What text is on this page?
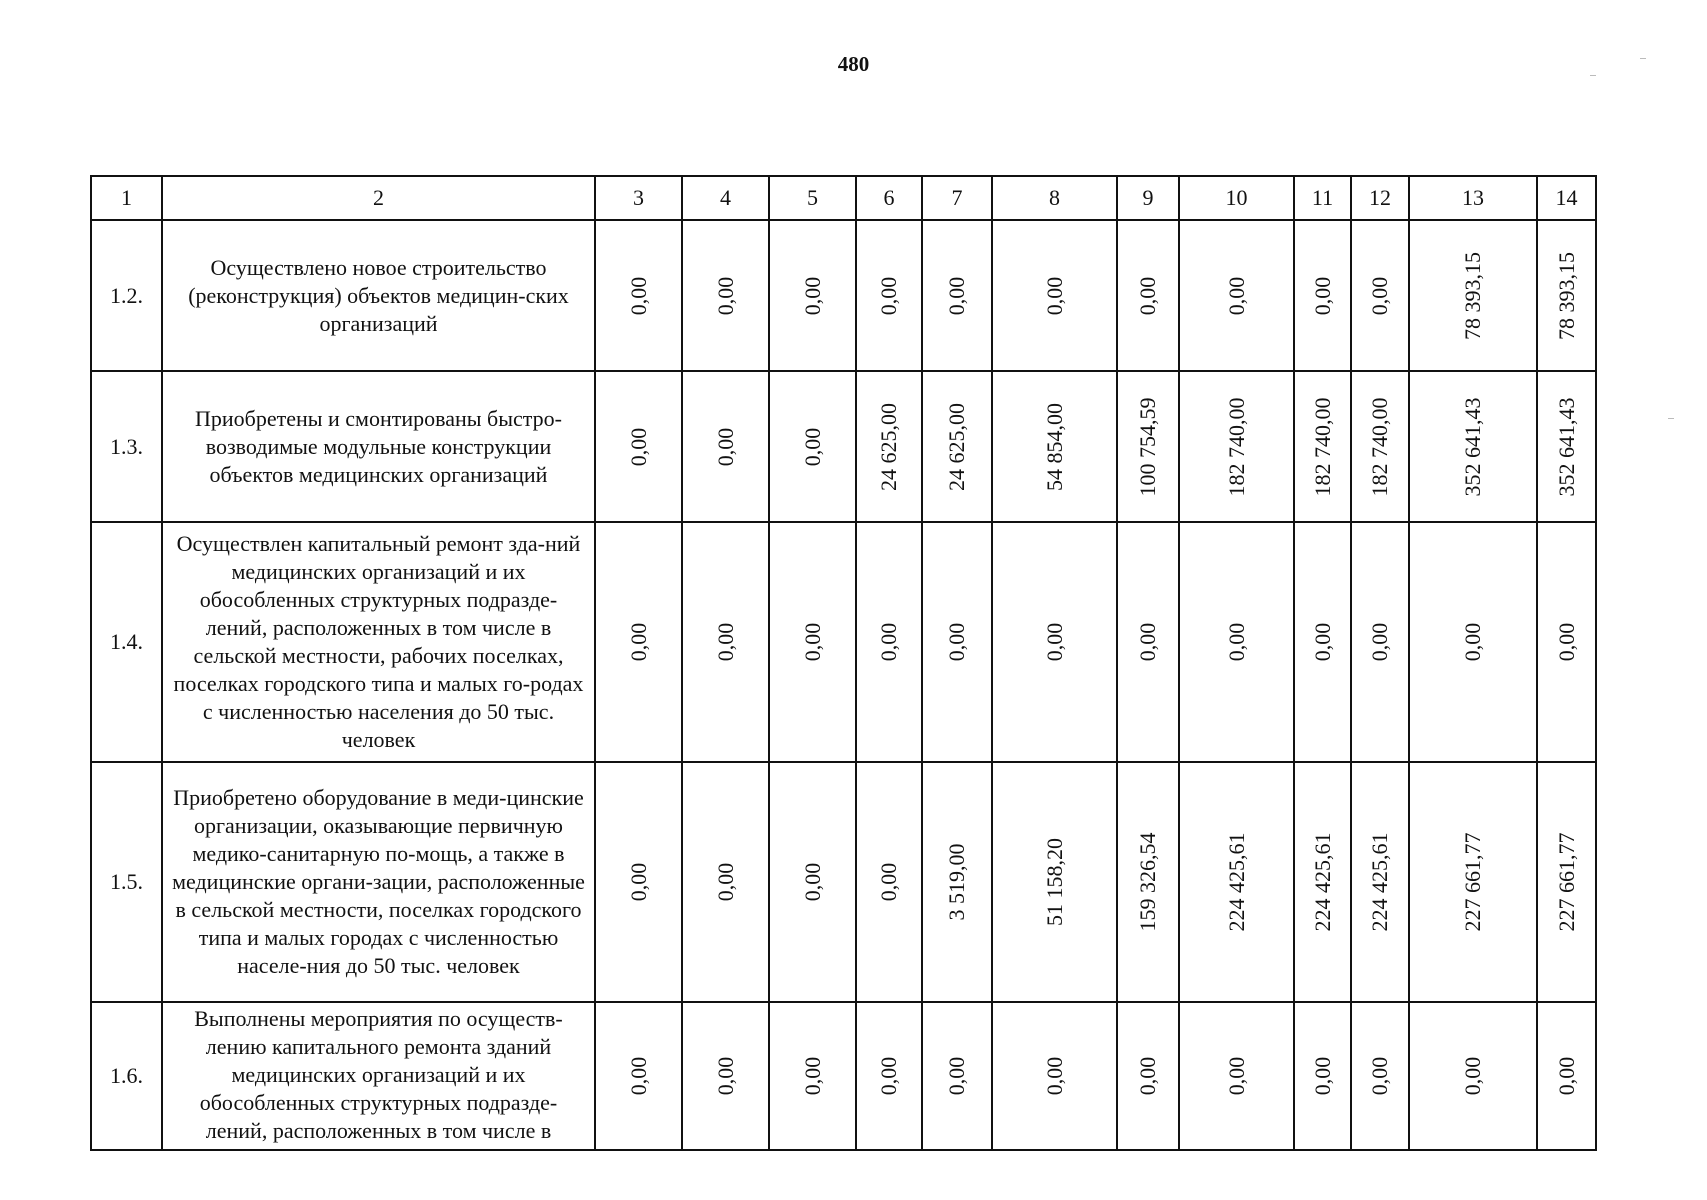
480
1	2	3	4	5	6	7	8	9	10	11	12	13	14
1.2.	Осуществлено новое строительство (реконструкция) объектов медицин-ских организаций	0,00	0,00	0,00	0,00	0,00	0,00	0,00	0,00	0,00	0,00	78 393,15	78 393,15

1.3.	Приобретены и смонтированы быстро-возводимые модульные конструкции объектов медицинских организаций	0,00	0,00	0,00	24 625,00	24 625,00	54 854,00	100 754,59	182 740,00	182 740,00	182 740,00	352 641,43	352 641,43

1.4.	Осуществлен капитальный ремонт зда-ний медицинских организаций и их обособленных структурных подразде-лений, расположенных в том числе в сельской местности, рабочих поселках, поселках городского типа и малых го-родах с численностью населения до 50 тыс. человек	0,00	0,00	0,00	0,00	0,00	0,00	0,00	0,00	0,00	0,00	0,00	0,00

1.5.	Приобретено оборудование в меди-цинские организации, оказывающие первичную медико-санитарную по-мощь, а также в медицинские органи-зации, расположенные в сельской местности, поселках городского типа и малых городах с численностью населе-ния до 50 тыс. человек	0,00	0,00	0,00	0,00	3 519,00	51 158,20	159 326,54	224 425,61	224 425,61	224 425,61	227 661,77	227 661,77

1.6.	Выполнены мероприятия по осуществ-лению капитального ремонта зданий медицинских организаций и их обособленных структурных подразде-лений, расположенных в том числе в	0,00	0,00	0,00	0,00	0,00	0,00	0,00	0,00	0,00	0,00	0,00	0,00
